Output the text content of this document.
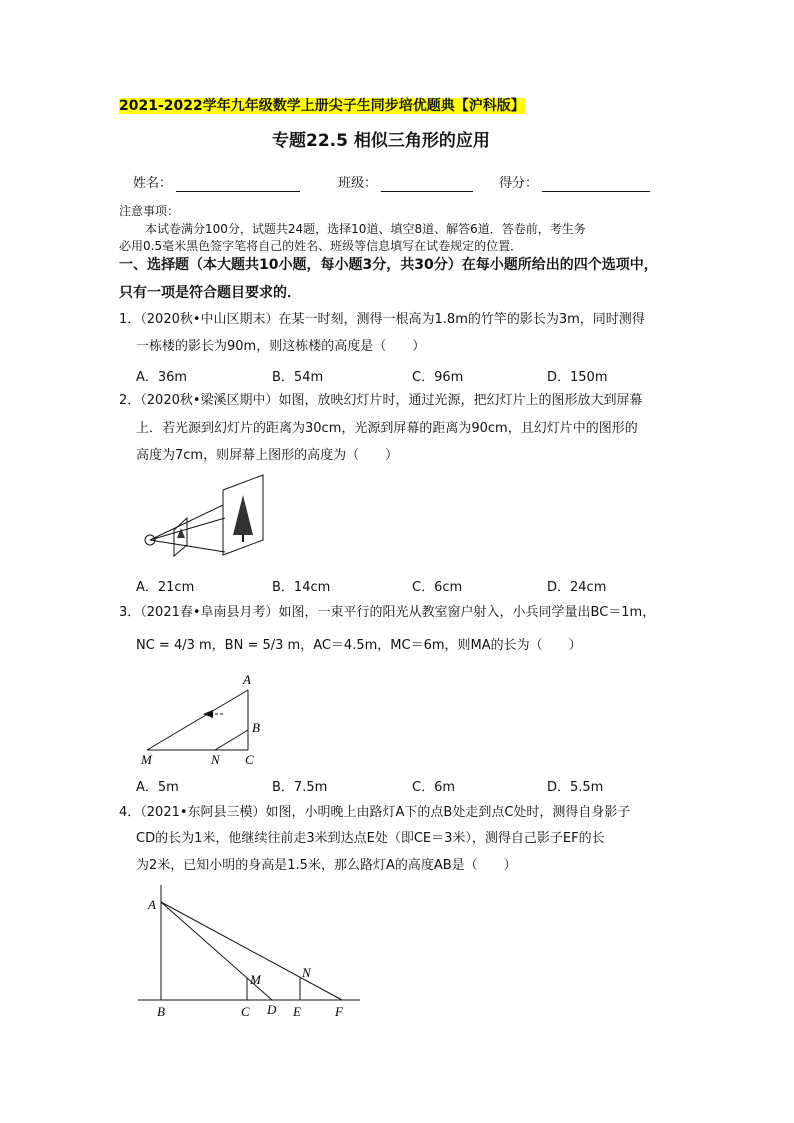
2021-2022学年九年级数学上册尖子生同步培优题典【沪科版】
专题22.5 相似三角形的应用
姓名：	班级：	得分：
注意事项：
本试卷满分100分，试题共24题，选择10道、填空8道、解答6道．答卷前，考生务
必用0.5毫米黑色签字笔将自己的姓名、班级等信息填写在试卷规定的位置．
一、选择题（本大题共10小题，每小题3分，共30分）在每小题所给出的四个选项中，
只有一项是符合题目要求的．
1．（2020秋•中山区期末）在某一时刻，测得一根高为1.8m的竹竿的影长为3m，同时测得
一栋楼的影长为90m，则这栋楼的高度是（　　）
A．36m	B．54m	C．96m	D．150m
2．（2020秋•梁溪区期中）如图，放映幻灯片时，通过光源，把幻灯片上的图形放大到屏幕
上．若光源到幻灯片的距离为30cm，光源到屏幕的距离为90cm，且幻灯片中的图形的
高度为7cm，则屏幕上图形的高度为（　　）
A．21cm	B．14cm	C．6cm	D．24cm
3．（2021春•阜南县月考）如图，一束平行的阳光从教室窗户射入，小兵同学量出BC＝1m，
NC = 4/3 m，BN = 5/3 m，AC＝4.5m，MC＝6m，则MA的长为（　　）
A
B
M	N C
A．5m	B．7.5m	C．6m	D．5.5m
4．（2021•东阿县三模）如图，小明晚上由路灯A下的点B处走到点C处时，测得自身影子
CD的长为1米，他继续往前走3米到达点E处（即CE＝3米），测得自己影子EF的长
为2米，已知小明的身高是1.5米，那么路灯A的高度AB是（　　）
A
M	N
B	C D E	F
